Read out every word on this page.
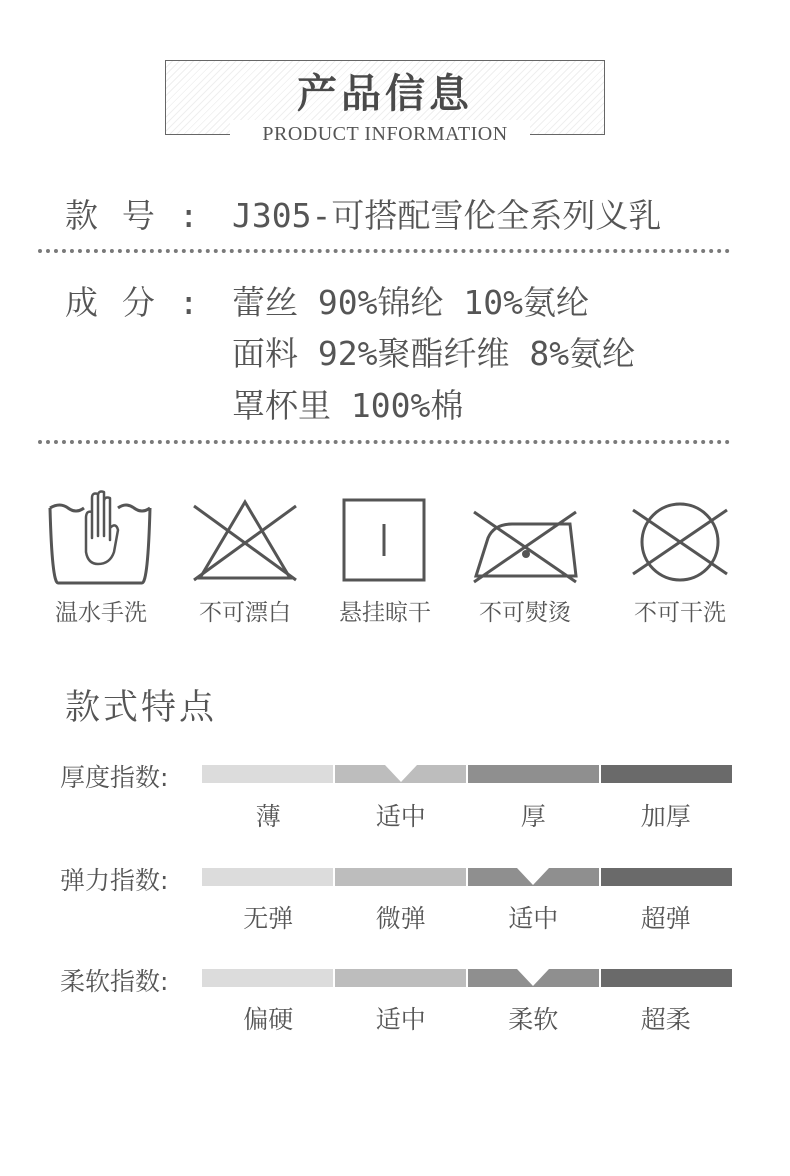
产品信息
PRODUCT INFORMATION
款 号 : J305-可搭配雪伦全系列义乳
成 分 : 蕾丝 90%锦纶 10%氨纶
面料 92%聚酯纤维 8%氨纶
罩杯里 100%棉
温水手洗	不可漂白	悬挂晾干	不可熨烫	不可干洗
款式特点
厚度指数:
薄	适中	厚	加厚
弹力指数:
无弹	微弹	适中	超弹
柔软指数:
偏硬	适中	柔软	超柔
